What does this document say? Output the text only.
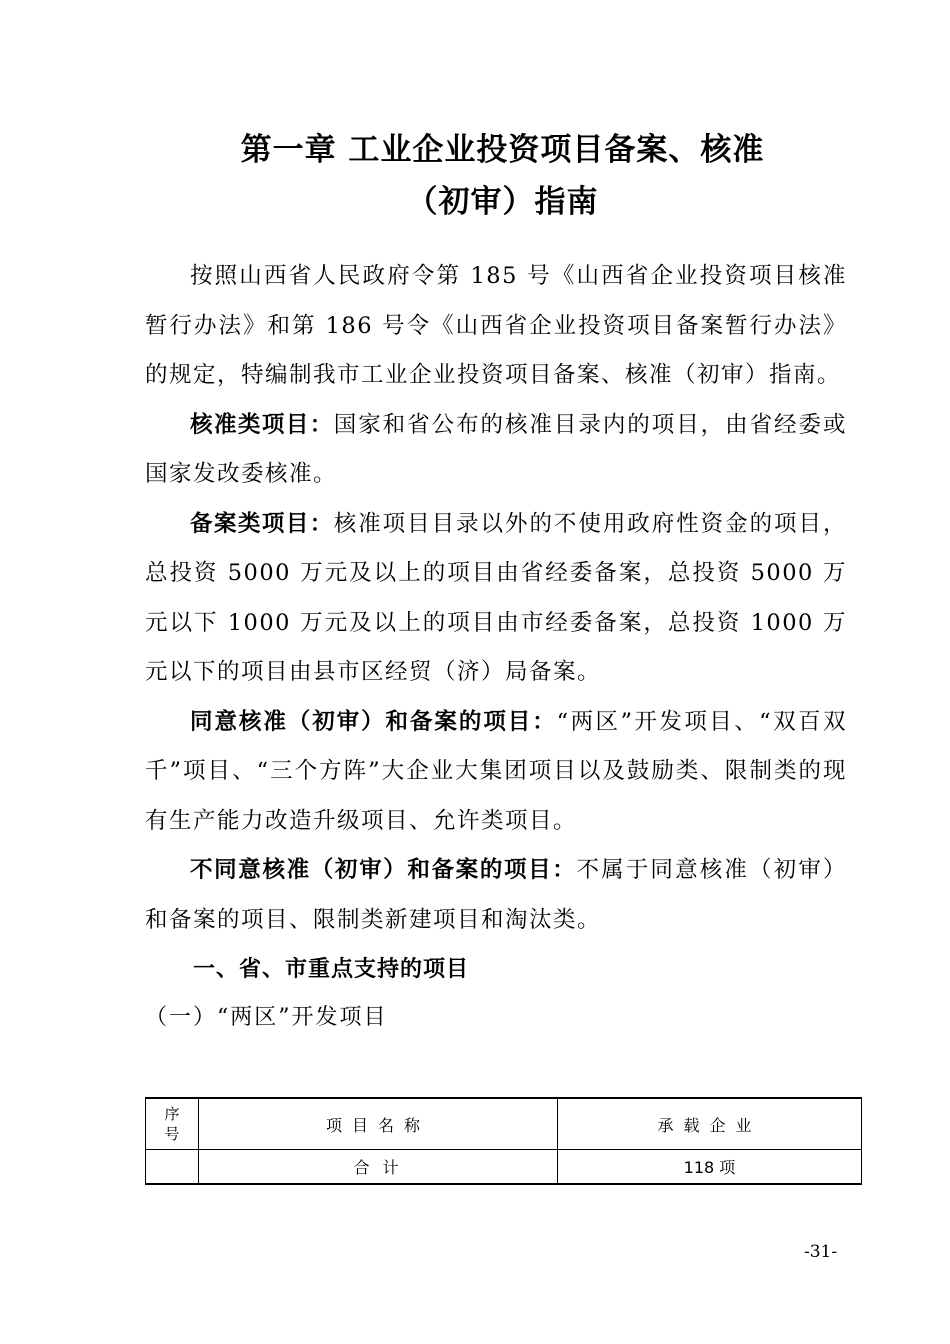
第一章 工业企业投资项目备案、核准
（初审）指南

按照山西省人民政府令第 185 号《山西省企业投资项目核准暂行办法》和第 186 号令《山西省企业投资项目备案暂行办法》的规定，特编制我市工业企业投资项目备案、核准（初审）指南。

核准类项目：国家和省公布的核准目录内的项目，由省经委或国家发改委核准。

备案类项目：核准项目目录以外的不使用政府性资金的项目，总投资 5000 万元及以上的项目由省经委备案，总投资 5000 万元以下 1000 万元及以上的项目由市经委备案，总投资 1000 万元以下的项目由县市区经贸（济）局备案。

同意核准（初审）和备案的项目：“两区”开发项目、“双百双千”项目、“三个方阵”大企业大集团项目以及鼓励类、限制类的现有生产能力改造升级项目、允许类项目。

不同意核准（初审）和备案的项目：不属于同意核准（初审）和备案的项目、限制类新建项目和淘汰类。

一、省、市重点支持的项目

（一）“两区”开发项目

序
号	项目名称	承载企业
	合 计	118 项
-31-
